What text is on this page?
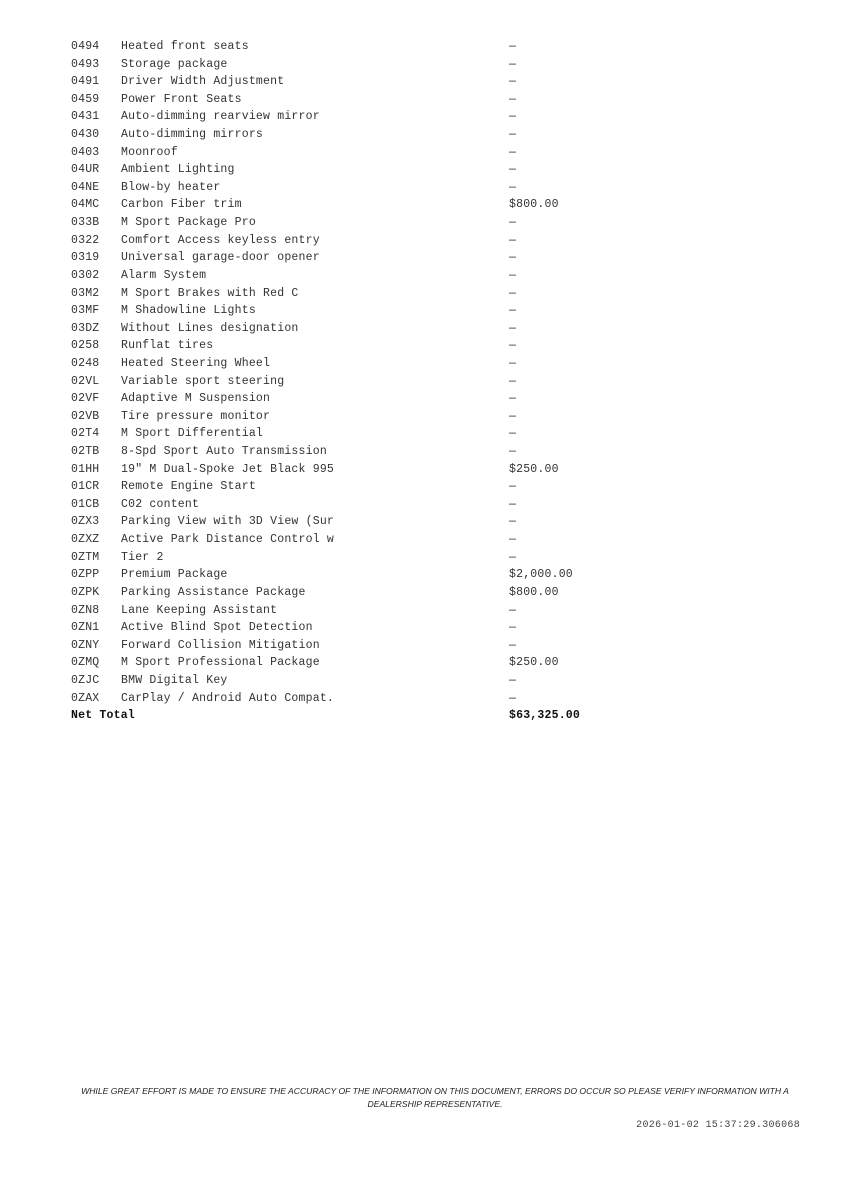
0494	Heated front seats	—
0493	Storage package	—
0491	Driver Width Adjustment	—
0459	Power Front Seats	—
0431	Auto-dimming rearview mirror	—
0430	Auto-dimming mirrors	—
0403	Moonroof	—
04UR	Ambient Lighting	—
04NE	Blow-by heater	—
04MC	Carbon Fiber trim	$800.00
033B	M Sport Package Pro	—
0322	Comfort Access keyless entry	—
0319	Universal garage-door opener	—
0302	Alarm System	—
03M2	M Sport Brakes with Red C	—
03MF	M Shadowline Lights	—
03DZ	Without Lines designation	—
0258	Runflat tires	—
0248	Heated Steering Wheel	—
02VL	Variable sport steering	—
02VF	Adaptive M Suspension	—
02VB	Tire pressure monitor	—
02T4	M Sport Differential	—
02TB	8-Spd Sport Auto Transmission	—
01HH	19" M Dual-Spoke Jet Black 995	$250.00
01CR	Remote Engine Start	—
01CB	C02 content	—
0ZX3	Parking View with 3D View (Sur	—
0ZXZ	Active Park Distance Control w	—
0ZTM	Tier 2	—
0ZPP	Premium Package	$2,000.00
0ZPK	Parking Assistance Package	$800.00
0ZN8	Lane Keeping Assistant	—
0ZN1	Active Blind Spot Detection	—
0ZNY	Forward Collision Mitigation	—
0ZMQ	M Sport Professional Package	$250.00
0ZJC	BMW Digital Key	—
0ZAX	CarPlay / Android Auto Compat.	—
Net Total	$63,325.00
WHILE GREAT EFFORT IS MADE TO ENSURE THE ACCURACY OF THE INFORMATION ON THIS DOCUMENT, ERRORS DO OCCUR SO PLEASE VERIFY INFORMATION WITH A DEALERSHIP REPRESENTATIVE.
2026-01-02 15:37:29.306068
